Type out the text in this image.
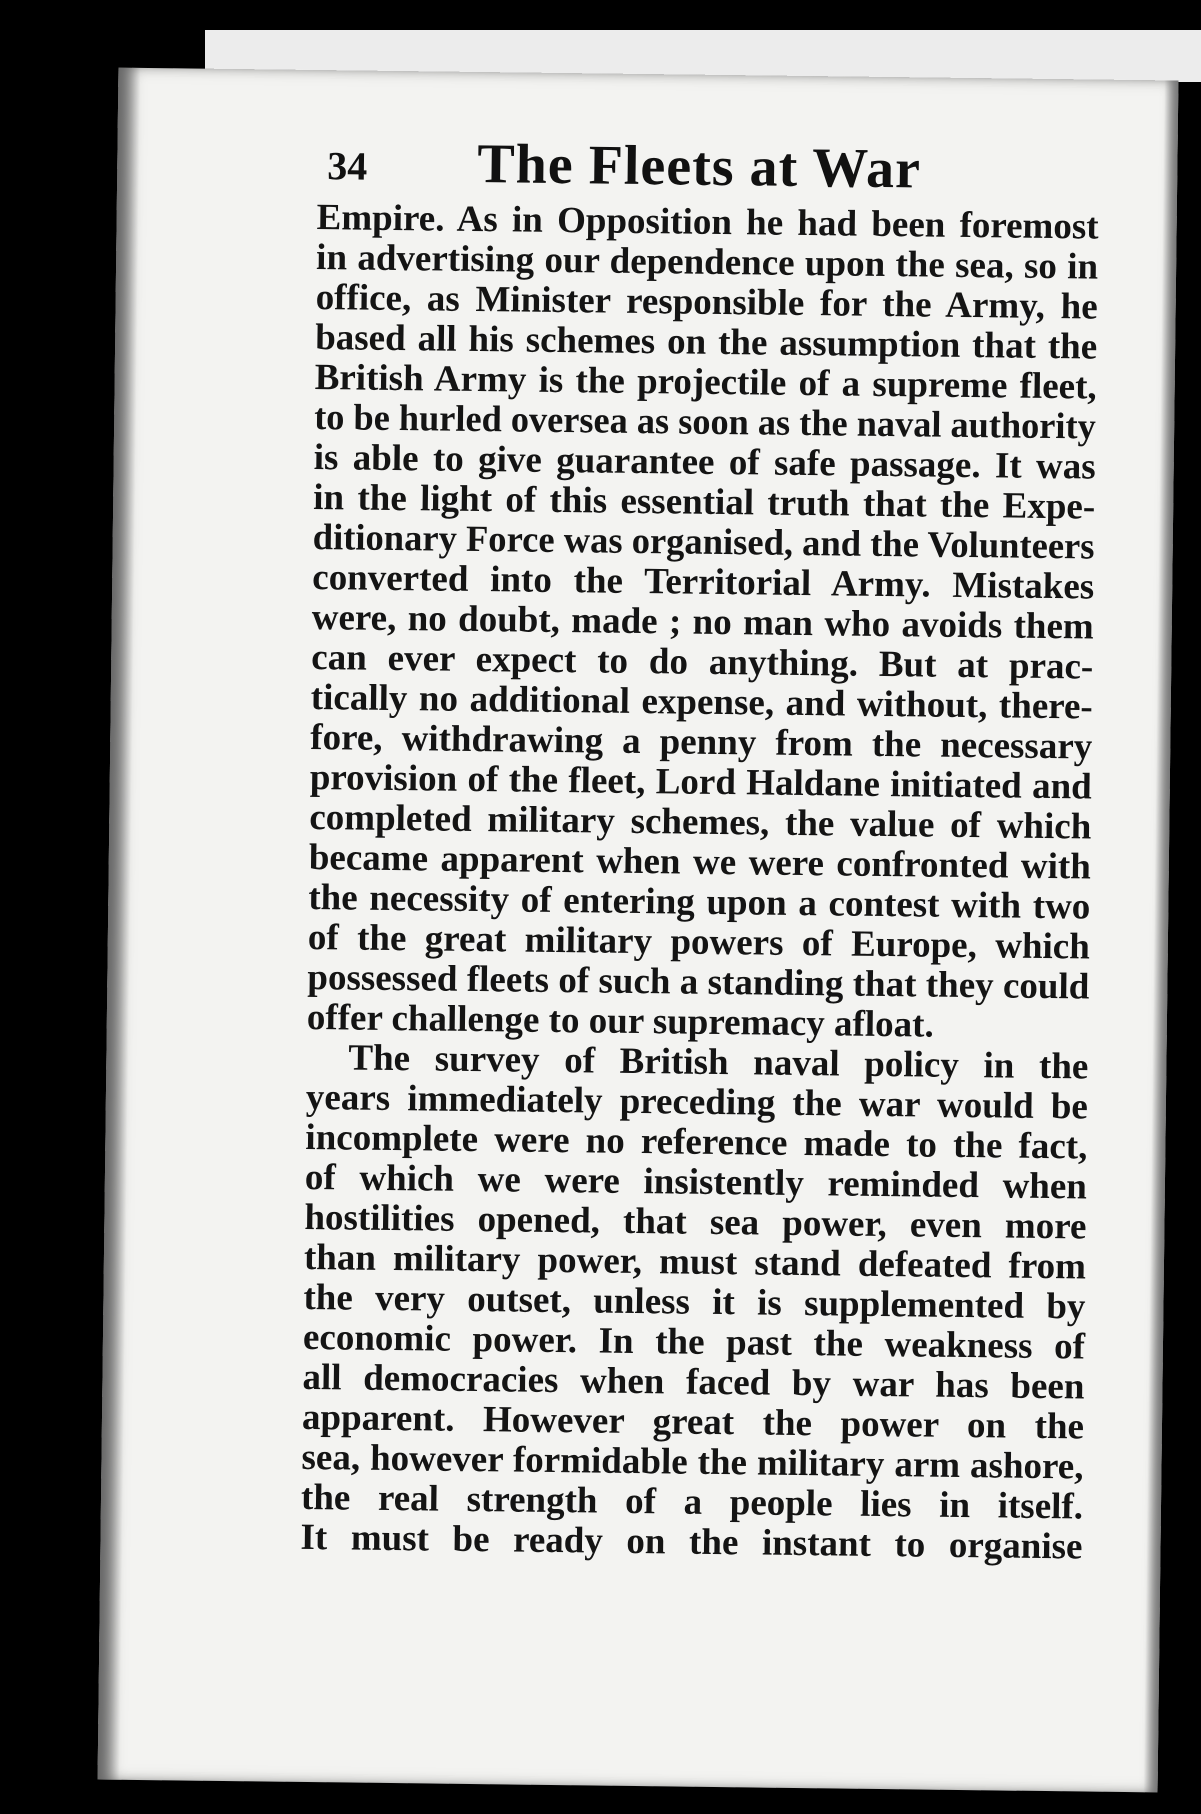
34 The Fleets at War
Empire. As in Opposition he had been foremost
in advertising our dependence upon the sea, so in
office, as Minister responsible for the Army, he
based all his schemes on the assumption that the
British Army is the projectile of a supreme fleet,
to be hurled oversea as soon as the naval authority
is able to give guarantee of safe passage. It was
in the light of this essential truth that the Expe-
ditionary Force was organised, and the Volunteers
converted into the Territorial Army. Mistakes
were, no doubt, made ; no man who avoids them
can ever expect to do anything. But at prac-
tically no additional expense, and without, there-
fore, withdrawing a penny from the necessary
provision of the fleet, Lord Haldane initiated and
completed military schemes, the value of which
became apparent when we were confronted with
the necessity of entering upon a contest with two
of the great military powers of Europe, which
possessed fleets of such a standing that they could
offer challenge to our supremacy afloat.
The survey of British naval policy in the
years immediately preceding the war would be
incomplete were no reference made to the fact,
of which we were insistently reminded when
hostilities opened, that sea power, even more
than military power, must stand defeated from
the very outset, unless it is supplemented by
economic power. In the past the weakness of
all democracies when faced by war has been
apparent. However great the power on the
sea, however formidable the military arm ashore,
the real strength of a people lies in itself.
It must be ready on the instant to organise
